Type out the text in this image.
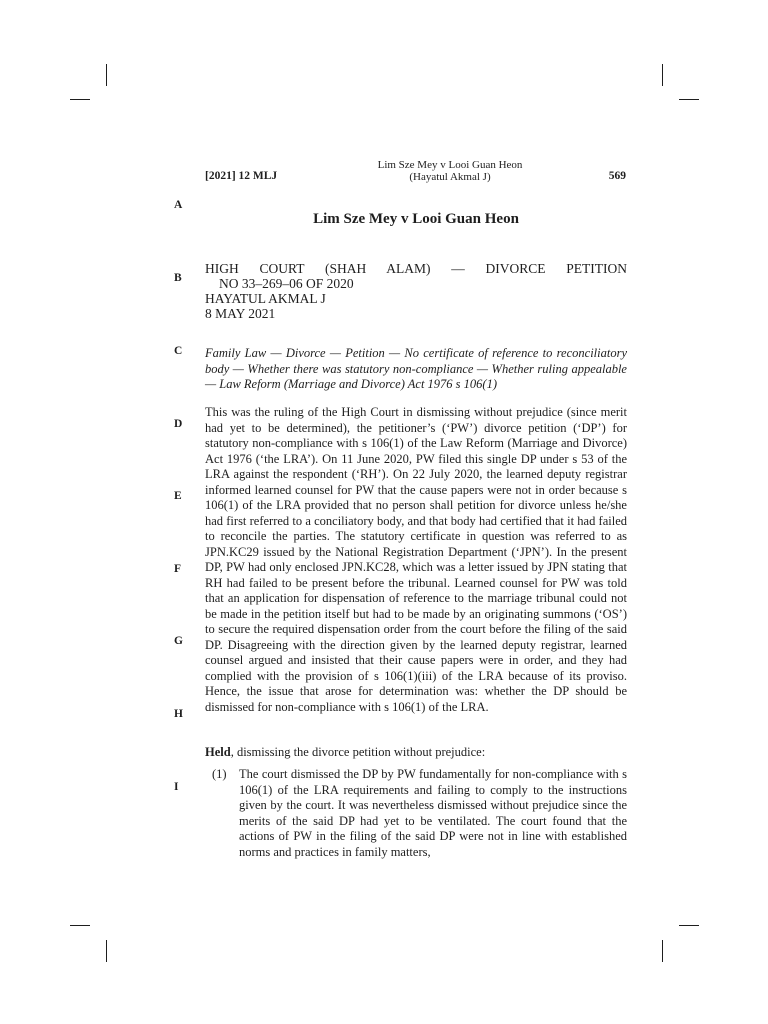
[2021] 12 MLJ
Lim Sze Mey v Looi Guan Heon
(Hayatul Akmal J)	569
A
B
C
D
E
F
G
H
I
Lim Sze Mey v Looi Guan Heon
HIGH COURT (SHAH ALAM) — DIVORCE PETITION
NO 33–269–06 OF 2020
HAYATUL AKMAL J
8 MAY 2021
Family Law — Divorce — Petition — No certificate of reference to reconciliatory body — Whether there was statutory non-compliance — Whether ruling appealable — Law Reform (Marriage and Divorce) Act 1976 s 106(1)
This was the ruling of the High Court in dismissing without prejudice (since merit had yet to be determined), the petitioner’s (‘PW’) divorce petition (‘DP’) for statutory non-compliance with s 106(1) of the Law Reform (Marriage and Divorce) Act 1976 (‘the LRA’). On 11 June 2020, PW filed this single DP under s 53 of the LRA against the respondent (‘RH’). On 22 July 2020, the learned deputy registrar informed learned counsel for PW that the cause papers were not in order because s 106(1) of the LRA provided that no person shall petition for divorce unless he/she had first referred to a conciliatory body, and that body had certified that it had failed to reconcile the parties. The statutory certificate in question was referred to as JPN.KC29 issued by the National Registration Department (‘JPN’). In the present DP, PW had only enclosed JPN.KC28, which was a letter issued by JPN stating that RH had failed to be present before the tribunal. Learned counsel for PW was told that an application for dispensation of reference to the marriage tribunal could not be made in the petition itself but had to be made by an originating summons (‘OS’) to secure the required dispensation order from the court before the filing of the said DP. Disagreeing with the direction given by the learned deputy registrar, learned counsel argued and insisted that their cause papers were in order, and they had complied with the provision of s 106(1)(iii) of the LRA because of its proviso. Hence, the issue that arose for determination was: whether the DP should be dismissed for non-compliance with s 106(1) of the LRA.
Held, dismissing the divorce petition without prejudice:
(1) The court dismissed the DP by PW fundamentally for non-compliance with s 106(1) of the LRA requirements and failing to comply to the instructions given by the court. It was nevertheless dismissed without prejudice since the merits of the said DP had yet to be ventilated. The court found that the actions of PW in the filing of the said DP were not in line with established norms and practices in family matters,
